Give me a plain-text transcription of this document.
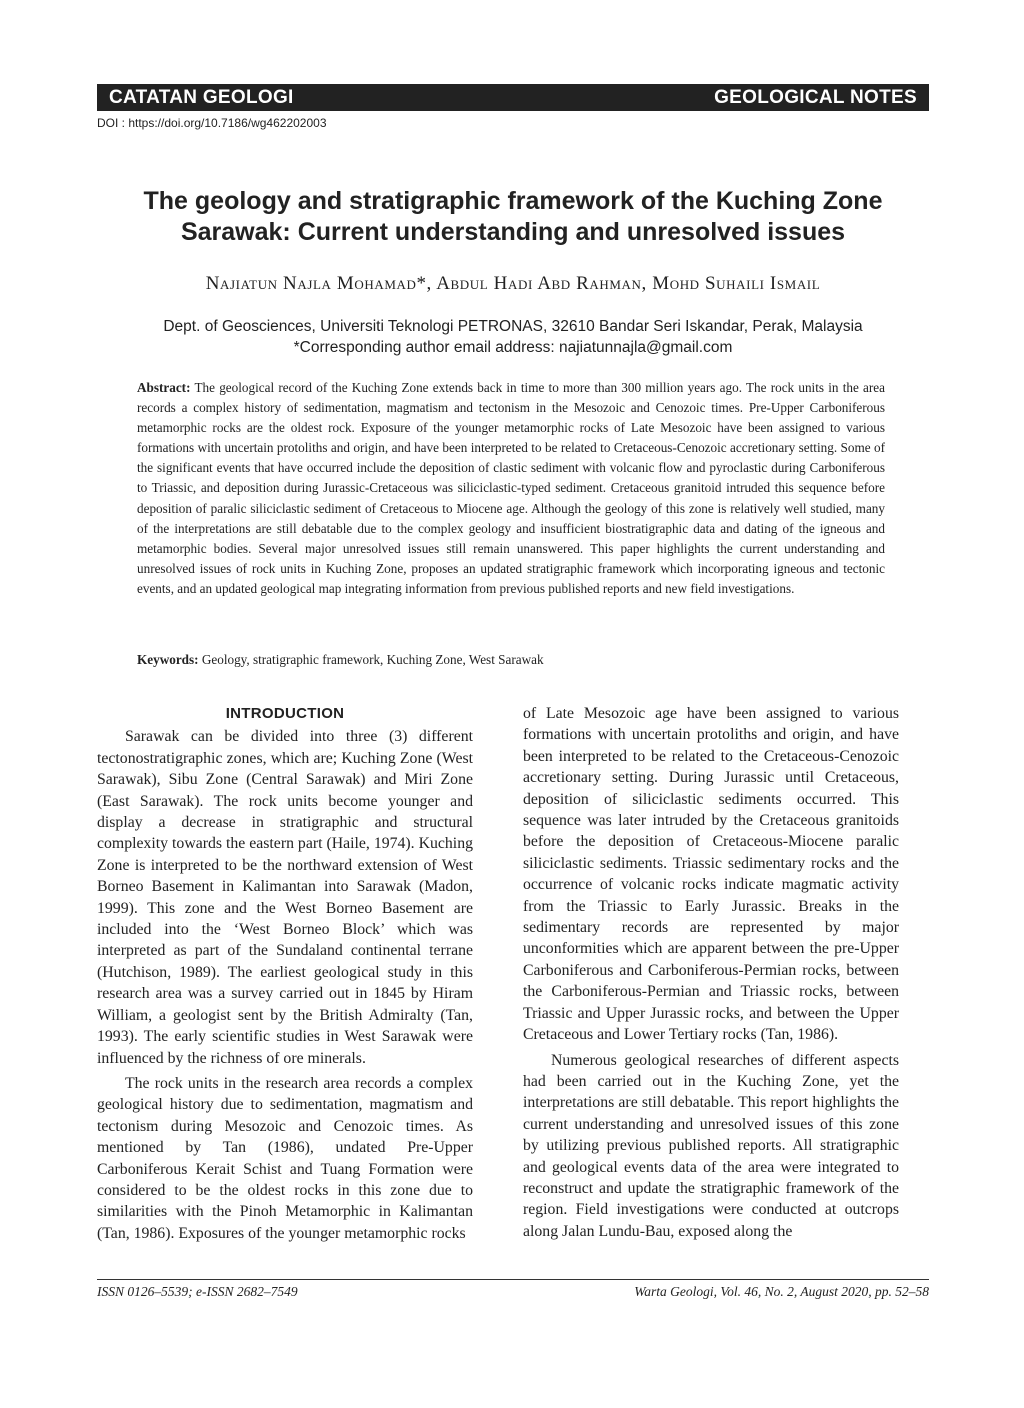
CATATAN GEOLOGI	GEOLOGICAL NOTES
DOI : https://doi.org/10.7186/wg462202003
The geology and stratigraphic framework of the Kuching Zone
Sarawak: Current understanding and unresolved issues
Najiatun Najla Mohamad*, Abdul Hadi Abd Rahman, Mohd Suhaili Ismail
Dept. of Geosciences, Universiti Teknologi PETRONAS, 32610 Bandar Seri Iskandar, Perak, Malaysia
*Corresponding author email address: najiatunnajla@gmail.com
Abstract: The geological record of the Kuching Zone extends back in time to more than 300 million years ago. The rock units in the area records a complex history of sedimentation, magmatism and tectonism in the Mesozoic and Cenozoic times. Pre-Upper Carboniferous metamorphic rocks are the oldest rock. Exposure of the younger metamorphic rocks of Late Mesozoic have been assigned to various formations with uncertain protoliths and origin, and have been interpreted to be related to Cretaceous-Cenozoic accretionary setting. Some of the significant events that have occurred include the deposition of clastic sediment with volcanic flow and pyroclastic during Carboniferous to Triassic, and deposition during Jurassic-Cretaceous was siliciclastic-typed sediment. Cretaceous granitoid intruded this sequence before deposition of paralic siliciclastic sediment of Cretaceous to Miocene age. Although the geology of this zone is relatively well studied, many of the interpretations are still debatable due to the complex geology and insufficient biostratigraphic data and dating of the igneous and metamorphic bodies. Several major unresolved issues still remain unanswered. This paper highlights the current understanding and unresolved issues of rock units in Kuching Zone, proposes an updated stratigraphic framework which incorporating igneous and tectonic events, and an updated geological map integrating information from previous published reports and new field investigations.
Keywords: Geology, stratigraphic framework, Kuching Zone, West Sarawak
INTRODUCTION

Sarawak can be divided into three (3) different tectonostratigraphic zones, which are; Kuching Zone (West Sarawak), Sibu Zone (Central Sarawak) and Miri Zone (East Sarawak). The rock units become younger and display a decrease in stratigraphic and structural complexity towards the eastern part (Haile, 1974). Kuching Zone is interpreted to be the northward extension of West Borneo Basement in Kalimantan into Sarawak (Madon, 1999). This zone and the West Borneo Basement are included into the ‘West Borneo Block’ which was interpreted as part of the Sundaland continental terrane (Hutchison, 1989). The earliest geological study in this research area was a survey carried out in 1845 by Hiram William, a geologist sent by the British Admiralty (Tan, 1993). The early scientific studies in West Sarawak were influenced by the richness of ore minerals.

The rock units in the research area records a complex geological history due to sedimentation, magmatism and tectonism during Mesozoic and Cenozoic times. As mentioned by Tan (1986), undated Pre-Upper Carboniferous Kerait Schist and Tuang Formation were considered to be the oldest rocks in this zone due to similarities with the Pinoh Metamorphic in Kalimantan (Tan, 1986). Exposures of the younger metamorphic rocks

of Late Mesozoic age have been assigned to various formations with uncertain protoliths and origin, and have been interpreted to be related to the Cretaceous-Cenozoic accretionary setting. During Jurassic until Cretaceous, deposition of siliciclastic sediments occurred. This sequence was later intruded by the Cretaceous granitoids before the deposition of Cretaceous-Miocene paralic siliciclastic sediments. Triassic sedimentary rocks and the occurrence of volcanic rocks indicate magmatic activity from the Triassic to Early Jurassic. Breaks in the sedimentary records are represented by major unconformities which are apparent between the pre-Upper Carboniferous and Carboniferous-Permian rocks, between the Carboniferous-Permian and Triassic rocks, between Triassic and Upper Jurassic rocks, and between the Upper Cretaceous and Lower Tertiary rocks (Tan, 1986).

Numerous geological researches of different aspects had been carried out in the Kuching Zone, yet the interpretations are still debatable. This report highlights the current understanding and unresolved issues of this zone by utilizing previous published reports. All stratigraphic and geological events data of the area were integrated to reconstruct and update the stratigraphic framework of the region. Field investigations were conducted at outcrops along Jalan Lundu-Bau, exposed along the

ISSN 0126–5539; e-ISSN 2682–7549	Warta Geologi, Vol. 46, No. 2, August 2020, pp. 52–58
